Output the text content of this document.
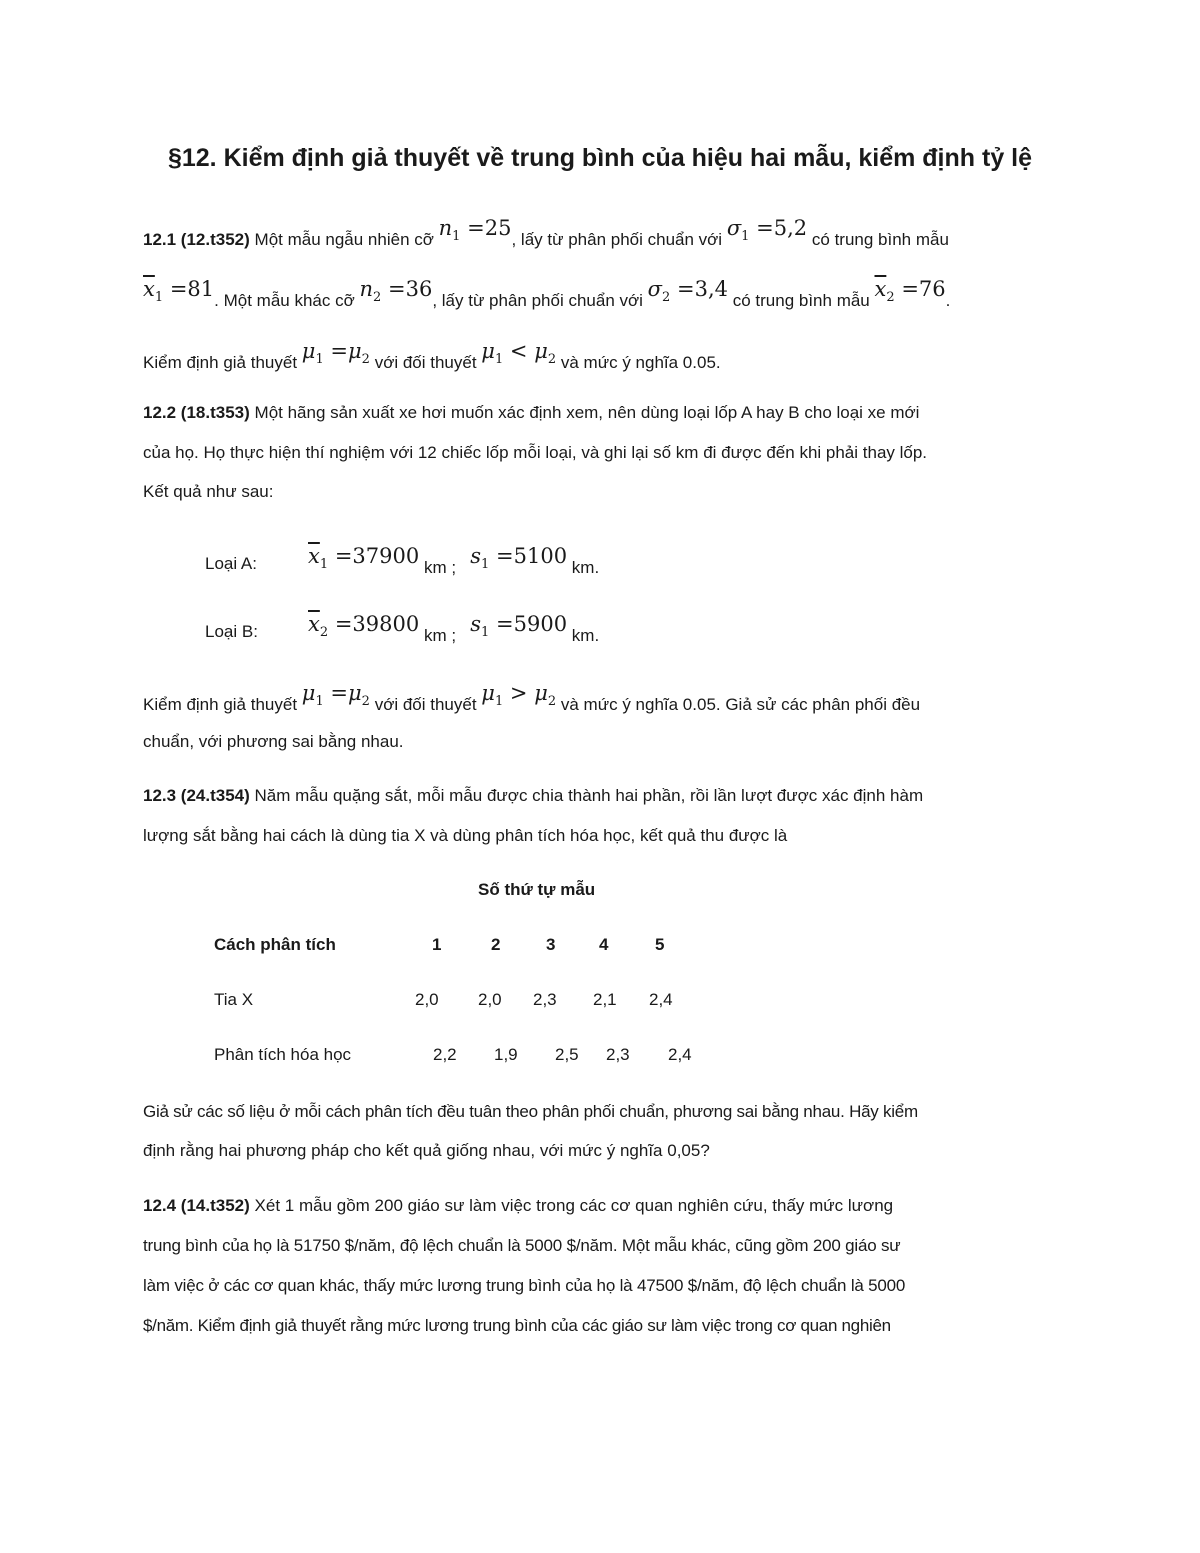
§12. Kiểm định giả thuyết về trung bình của hiệu hai mẫu, kiểm định tỷ lệ
12.1 (12.t352) Một mẫu ngẫu nhiên cỡ $n_1 =25$, lấy từ phân phối chuẩn với $\sigma_1 =5,2$ có trung bình mẫu
$\overline{x}_1 =81$. Một mẫu khác cỡ $n_2 =36$, lấy từ phân phối chuẩn với $\sigma_2 =3,4$ có trung bình mẫu $\overline{x}_2 =76$.
Kiểm định giả thuyết $\mu_1 =\mu_2$ với đối thuyết $\mu_1 < \mu_2$ và mức ý nghĩa 0.05.
12.2 (18.t353) Một hãng sản xuất xe hơi muốn xác định xem, nên dùng loại lốp A hay B cho loại xe mới
của họ. Họ thực hiện thí nghiệm với 12 chiếc lốp mỗi loại, và ghi lại số km đi được đến khi phải thay lốp.
Kết quả như sau:
Loại A: $\overline{x}_1 =37900$ km ; $s_1 =5100$ km.
Loại B: $\overline{x}_2 =39800$ km ; $s_1 =5900$ km.
Kiểm định giả thuyết $\mu_1 =\mu_2$ với đối thuyết $\mu_1 > \mu_2$ và mức ý nghĩa 0.05. Giả sử các phân phối đều
chuẩn, với phương sai bằng nhau.
12.3 (24.t354) Năm mẫu quặng sắt, mỗi mẫu được chia thành hai phần, rồi lần lượt được xác định hàm
lượng sắt bằng hai cách là dùng tia X và dùng phân tích hóa học, kết quả thu được là
Số thứ tự mẫu
Cách phân tích	1	2	3	4	5
Tia X	2,0 2,0 2,3 2,1 2,4
Phân tích hóa học	2,2 1,9 2,5 2,3 2,4
Giả sử các số liệu ở mỗi cách phân tích đều tuân theo phân phối chuẩn, phương sai bằng nhau. Hãy kiểm
định rằng hai phương pháp cho kết quả giống nhau, với mức ý nghĩa 0,05?
12.4 (14.t352) Xét 1 mẫu gồm 200 giáo sư làm việc trong các cơ quan nghiên cứu, thấy mức lương
trung bình của họ là 51750 $/năm, độ lệch chuẩn là 5000 $/năm. Một mẫu khác, cũng gồm 200 giáo sư
làm việc ở các cơ quan khác, thấy mức lương trung bình của họ là 47500 $/năm, độ lệch chuẩn là 5000
$/năm. Kiểm định giả thuyết rằng mức lương trung bình của các giáo sư làm việc trong cơ quan nghiên
